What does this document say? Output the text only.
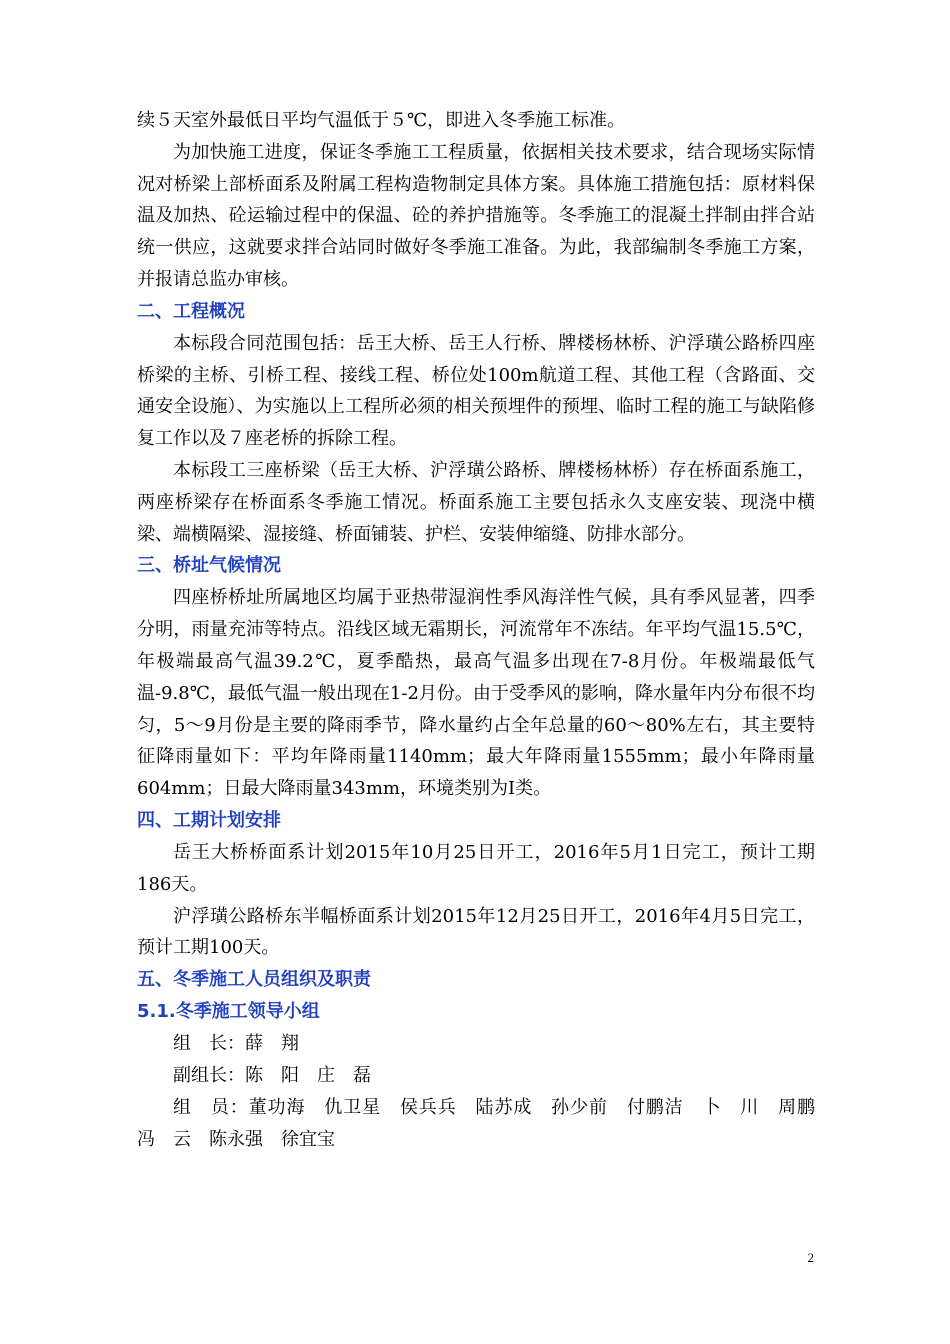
续５天室外最低日平均气温低于５℃，即进入冬季施工标准。

为加快施工进度，保证冬季施工工程质量，依据相关技术要求，结合现场实际情况对桥梁上部桥面系及附属工程构造物制定具体方案。具体施工措施包括：原材料保温及加热、砼运输过程中的保温、砼的养护措施等。冬季施工的混凝土拌制由拌合站统一供应，这就要求拌合站同时做好冬季施工准备。为此，我部编制冬季施工方案，并报请总监办审核。

二、工程概况

本标段合同范围包括：岳王大桥、岳王人行桥、牌楼杨林桥、沪浮璜公路桥四座桥梁的主桥、引桥工程、接线工程、桥位处100m航道工程、其他工程（含路面、交通安全设施）、为实施以上工程所必须的相关预埋件的预埋、临时工程的施工与缺陷修复工作以及７座老桥的拆除工程。

本标段工三座桥梁（岳王大桥、沪浮璜公路桥、牌楼杨林桥）存在桥面系施工，两座桥梁存在桥面系冬季施工情况。桥面系施工主要包括永久支座安装、现浇中横梁、端横隔梁、湿接缝、桥面铺装、护栏、安装伸缩缝、防排水部分。

三、桥址气候情况

四座桥桥址所属地区均属于亚热带湿润性季风海洋性气候，具有季风显著，四季分明，雨量充沛等特点。沿线区域无霜期长，河流常年不冻结。年平均气温15.5℃，年极端最高气温39.2℃，夏季酷热，最高气温多出现在7-8月份。年极端最低气温-9.8℃，最低气温一般出现在1-2月份。由于受季风的影响，降水量年内分布很不均匀，5～9月份是主要的降雨季节，降水量约占全年总量的60～80%左右，其主要特征降雨量如下：平均年降雨量1140mm；最大年降雨量1555mm；最小年降雨量604mm；日最大降雨量343mm，环境类别为Ⅰ类。

四、工期计划安排

岳王大桥桥面系计划2015年10月25日开工，2016年5月1日完工，预计工期186天。

沪浮璜公路桥东半幅桥面系计划2015年12月25日开工，2016年4月5日完工，预计工期100天。

五、冬季施工人员组织及职责
5.1.冬季施工领导小组

组　长：薛　翔

副组长：陈　阳　庄　磊

组　员：董功海　仇卫星　侯兵兵　陆苏成　孙少前　付鹏洁　卜　川　周鹏　冯　云　陈永强　徐宜宝

2
